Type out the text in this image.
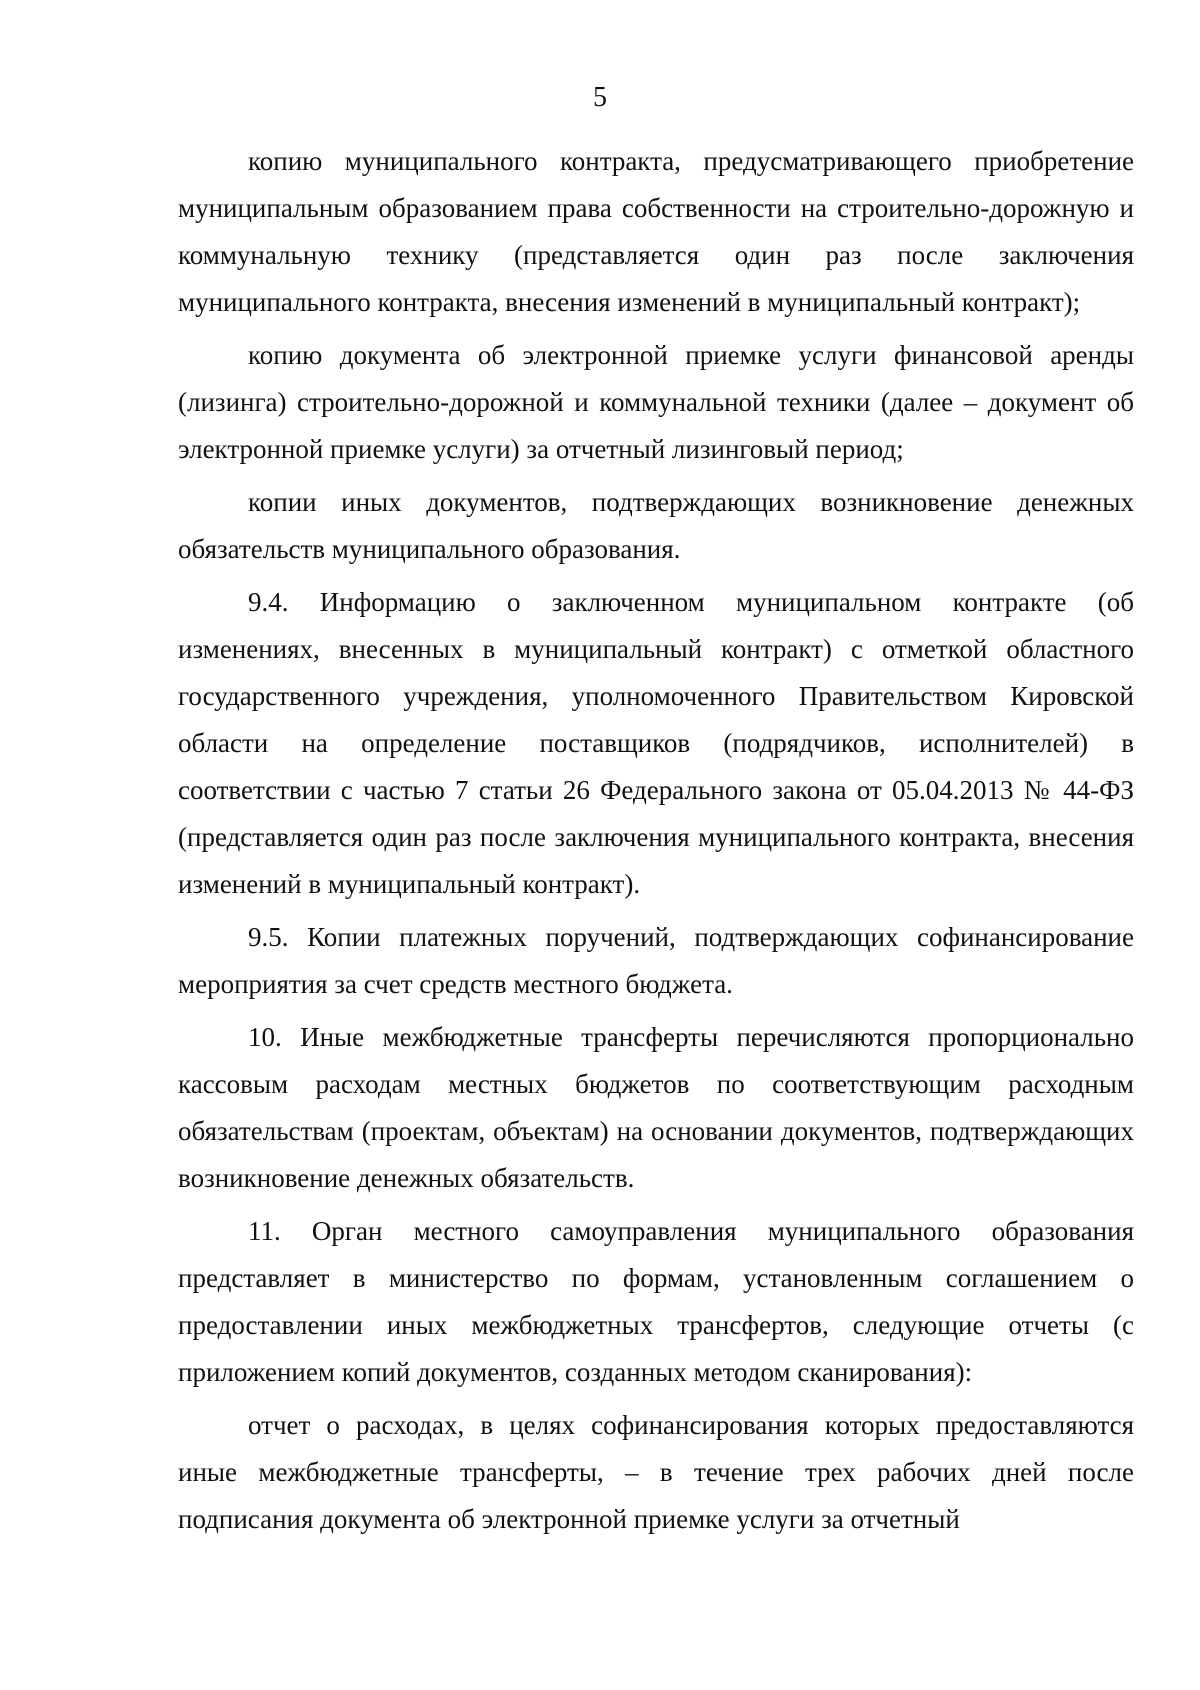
5

копию муниципального контракта, предусматривающего приобретение муниципальным образованием права собственности на строительно-дорожную и коммунальную технику (представляется один раз после заключения муниципального контракта, внесения изменений в муниципальный контракт);

копию документа об электронной приемке услуги финансовой аренды (лизинга) строительно-дорожной и коммунальной техники (далее – документ об электронной приемке услуги) за отчетный лизинговый период;

копии иных документов, подтверждающих возникновение денежных обязательств муниципального образования.

9.4. Информацию о заключенном муниципальном контракте (об изменениях, внесенных в муниципальный контракт) с отметкой областного государственного учреждения, уполномоченного Правительством Кировской области на определение поставщиков (подрядчиков, исполнителей) в соответствии с частью 7 статьи 26 Федерального закона от 05.04.2013 № 44-ФЗ (представляется один раз после заключения муниципального контракта, внесения изменений в муниципальный контракт).

9.5. Копии платежных поручений, подтверждающих софинансирование мероприятия за счет средств местного бюджета.

10. Иные межбюджетные трансферты перечисляются пропорционально кассовым расходам местных бюджетов по соответствующим расходным обязательствам (проектам, объектам) на основании документов, подтверждающих возникновение денежных обязательств.

11. Орган местного самоуправления муниципального образования представляет в министерство по формам, установленным соглашением о предоставлении иных межбюджетных трансфертов, следующие отчеты (с приложением копий документов, созданных методом сканирования):

отчет о расходах, в целях софинансирования которых предоставляются иные межбюджетные трансферты, – в течение трех рабочих дней после подписания документа об электронной приемке услуги за отчетный
